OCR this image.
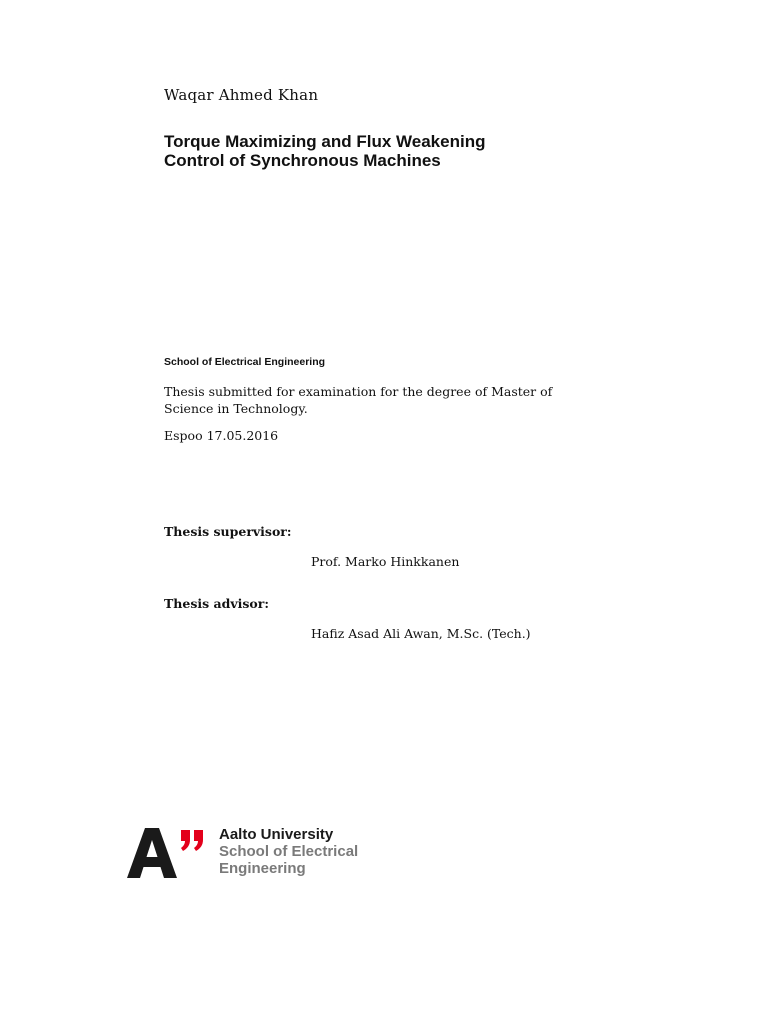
Waqar Ahmed Khan
Torque Maximizing and Flux Weakening
Control of Synchronous Machines
School of Electrical Engineering
Thesis submitted for examination for the degree of Master of
Science in Technology.
Espoo 17.05.2016
Thesis supervisor:
Prof. Marko Hinkkanen
Thesis advisor:
Hafiz Asad Ali Awan, M.Sc. (Tech.)
Aalto University
School of Electrical
Engineering
